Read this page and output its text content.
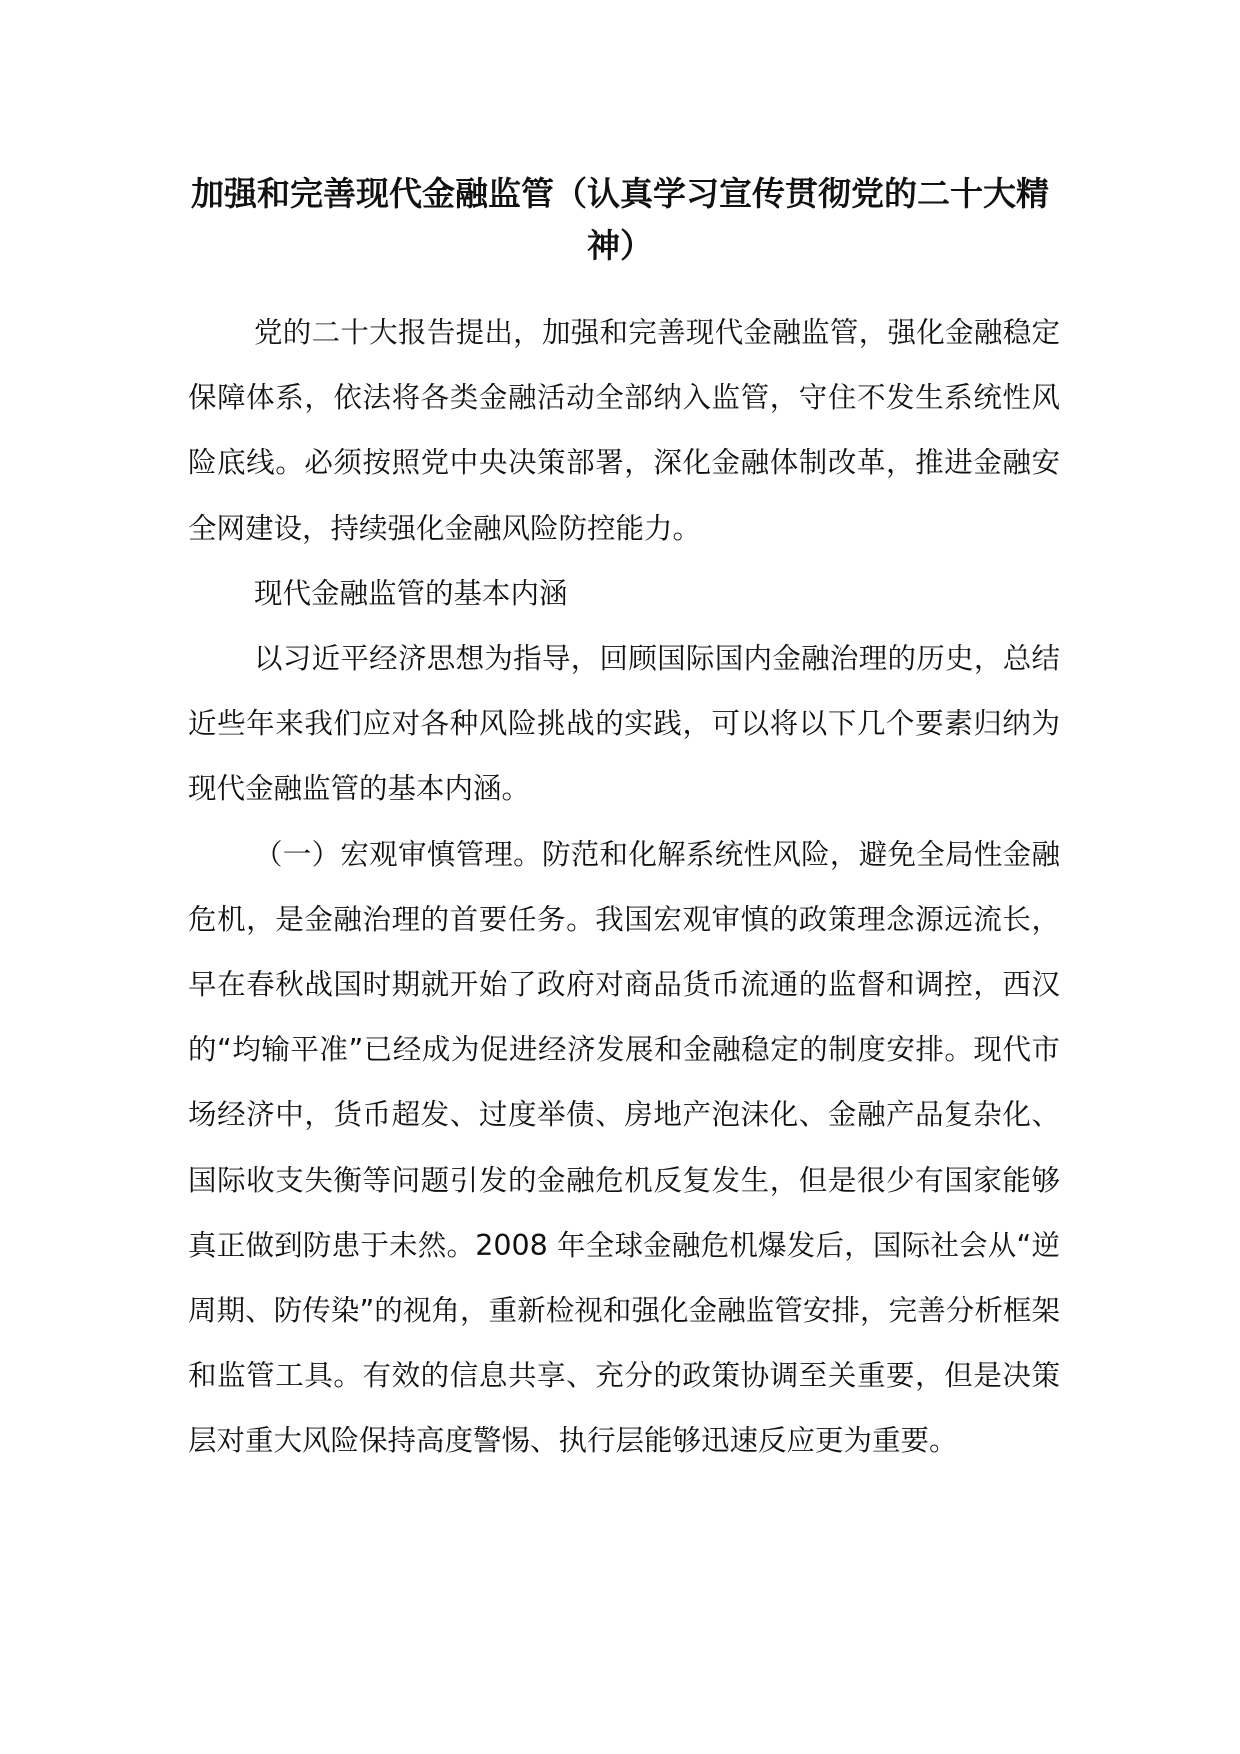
加强和完善现代金融监管（认真学习宣传贯彻党的二十大精神）

党的二十大报告提出，加强和完善现代金融监管，强化金融稳定保障体系，依法将各类金融活动全部纳入监管，守住不发生系统性风险底线。必须按照党中央决策部署，深化金融体制改革，推进金融安全网建设，持续强化金融风险防控能力。

现代金融监管的基本内涵

以习近平经济思想为指导，回顾国际国内金融治理的历史，总结近些年来我们应对各种风险挑战的实践，可以将以下几个要素归纳为现代金融监管的基本内涵。

（一）宏观审慎管理。防范和化解系统性风险，避免全局性金融危机，是金融治理的首要任务。我国宏观审慎的政策理念源远流长，早在春秋战国时期就开始了政府对商品货币流通的监督和调控，西汉的“均输平准”已经成为促进经济发展和金融稳定的制度安排。现代市场经济中，货币超发、过度举债、房地产泡沫化、金融产品复杂化、国际收支失衡等问题引发的金融危机反复发生，但是很少有国家能够真正做到防患于未然。2008 年全球金融危机爆发后，国际社会从“逆周期、防传染”的视角，重新检视和强化金融监管安排，完善分析框架和监管工具。有效的信息共享、充分的政策协调至关重要，但是决策层对重大风险保持高度警惕、执行层能够迅速反应更为重要。
